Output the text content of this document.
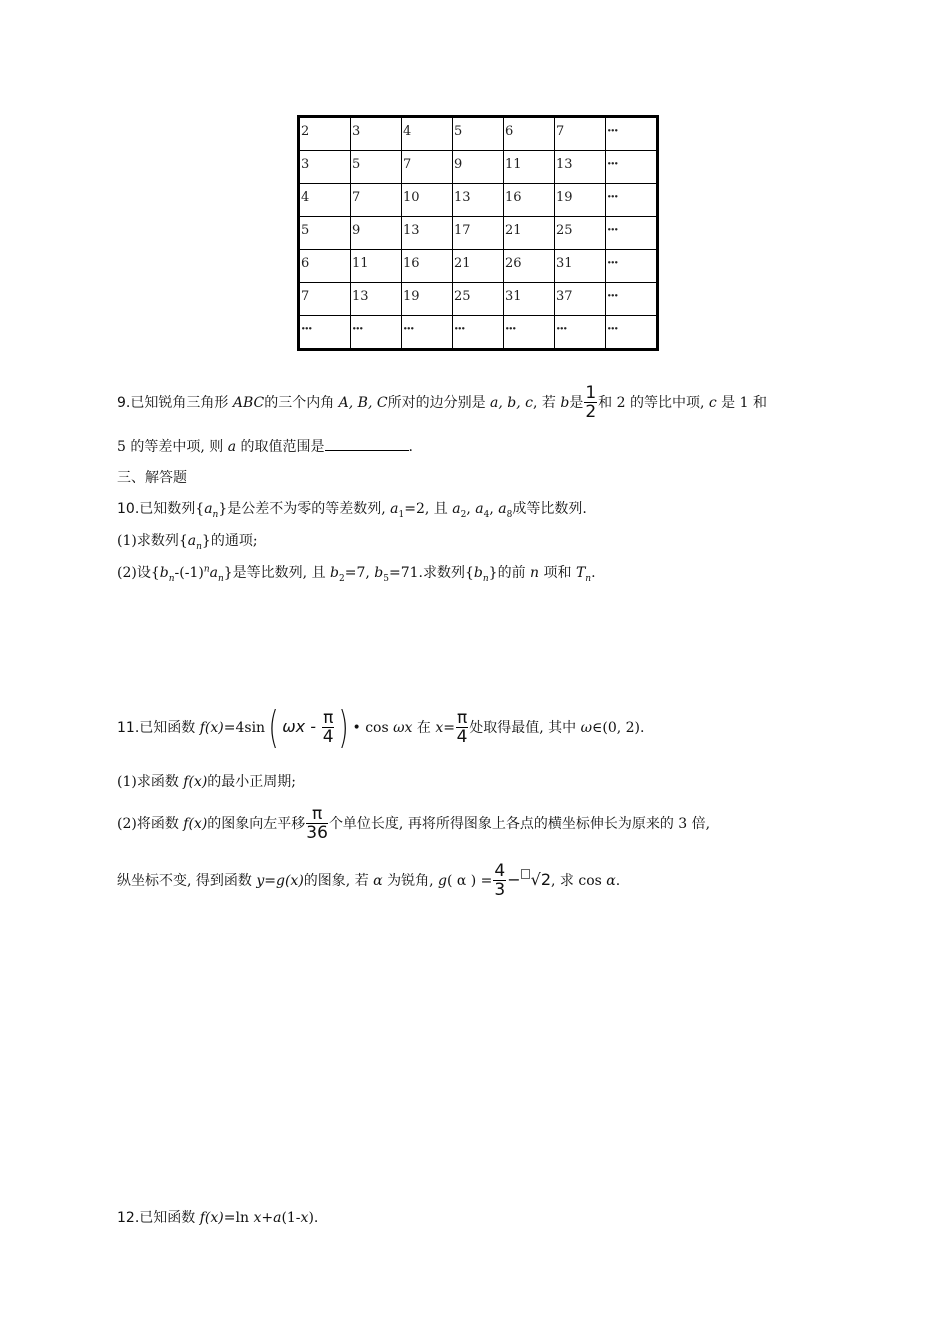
2	3	4	5	6	7	···
3	5	7	9	11	13	···
4	7	10	13	16	19	···
5	9	13	17	21	25	···
6	11	16	21	26	31	···
7	13	19	25	31	37	···
···	···	···	···	···	···	···
9.已知锐角三角形 ABC的三个内角 A, B, C所对的边分别是 a, b, c, 若 b是 $\frac{1}{2}$ 和 2 的等比中项, c 是 1 和
5 的等差中项, 则 a 的取值范围是	.
三、解答题
10.已知数列$\{a_n\}$是公差不为零的等差数列, $a_1=2$, 且 $a_2$, $a_4$, $a_8$成等比数列.
(1)求数列$\{a_n\}$的通项;
(2)设$\{b_n-(-1)^na_n\}$是等比数列, 且 $b_2=7$, $b_5=71$.求数列$\{b_n\}$的前 n 项和 $T_n$.
11.已知函数 f(x)=4sin( ωx - $\frac{\pi}{4}$ ) • cos ωx 在 $x= \frac{\pi}{4}$ 处取得最值, 其中 ω∈(0, 2).
(1)求函数 f(x)的最小正周期;
(2)将函数 f(x)的图象向左平移 $\frac{\pi}{36}$ 个单位长度, 再将所得图象上各点的横坐标伸长为原来的 3 倍,
纵坐标不变, 得到函数 y=g(x)的图象, 若 α 为锐角, g( α ) = $\frac{4}{3} - √2$, 求 cos α.
12.已知函数 f(x)=ln x+a(1-x).
